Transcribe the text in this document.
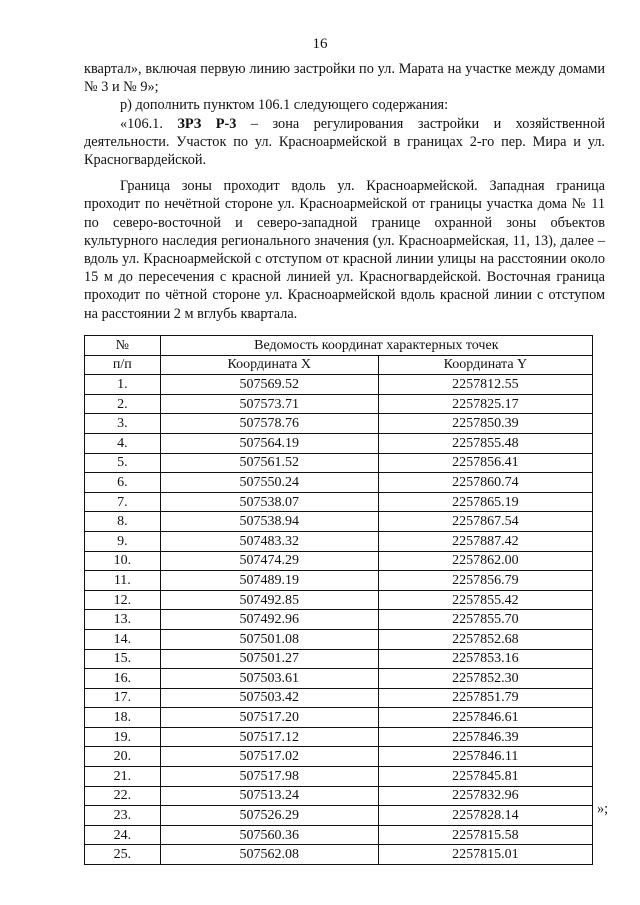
16

квартал», включая первую линию застройки по ул. Марата на участке между домами № 3 и № 9»;

р) дополнить пунктом 106.1 следующего содержания:

«106.1. ЗРЗ Р-3 – зона регулирования застройки и хозяйственной деятельности. Участок по ул. Красноармейской в границах 2-го пер. Мира и ул. Красногвардейской.

Граница зоны проходит вдоль ул. Красноармейской. Западная граница проходит по нечётной стороне ул. Красноармейской от границы участка дома № 11 по северо-восточной и северо-западной границе охранной зоны объектов культурного наследия регионального значения (ул. Красноармейская, 11, 13), далее – вдоль ул. Красноармейской с отступом от красной линии улицы на расстоянии около 15 м до пересечения с красной линией ул. Красногвардейской. Восточная граница проходит по чётной стороне ул. Красноармейской вдоль красной линии с отступом на расстоянии 2 м вглубь квартала.

№	Ведомость координат характерных точек	
п/п	Координата X	Координата Y
1.	507569.52	2257812.55
2.	507573.71	2257825.17
3.	507578.76	2257850.39
4.	507564.19	2257855.48
5.	507561.52	2257856.41
6.	507550.24	2257860.74
7.	507538.07	2257865.19
8.	507538.94	2257867.54
9.	507483.32	2257887.42
10.	507474.29	2257862.00
11.	507489.19	2257856.79
12.	507492.85	2257855.42
13.	507492.96	2257855.70
14.	507501.08	2257852.68
15.	507501.27	2257853.16
16.	507503.61	2257852.30
17.	507503.42	2257851.79
18.	507517.20	2257846.61
19.	507517.12	2257846.39
20.	507517.02	2257846.11
21.	507517.98	2257845.81
22.	507513.24	2257832.96
23.	507526.29	2257828.14
24.	507560.36	2257815.58
25.	507562.08	2257815.01
»;
